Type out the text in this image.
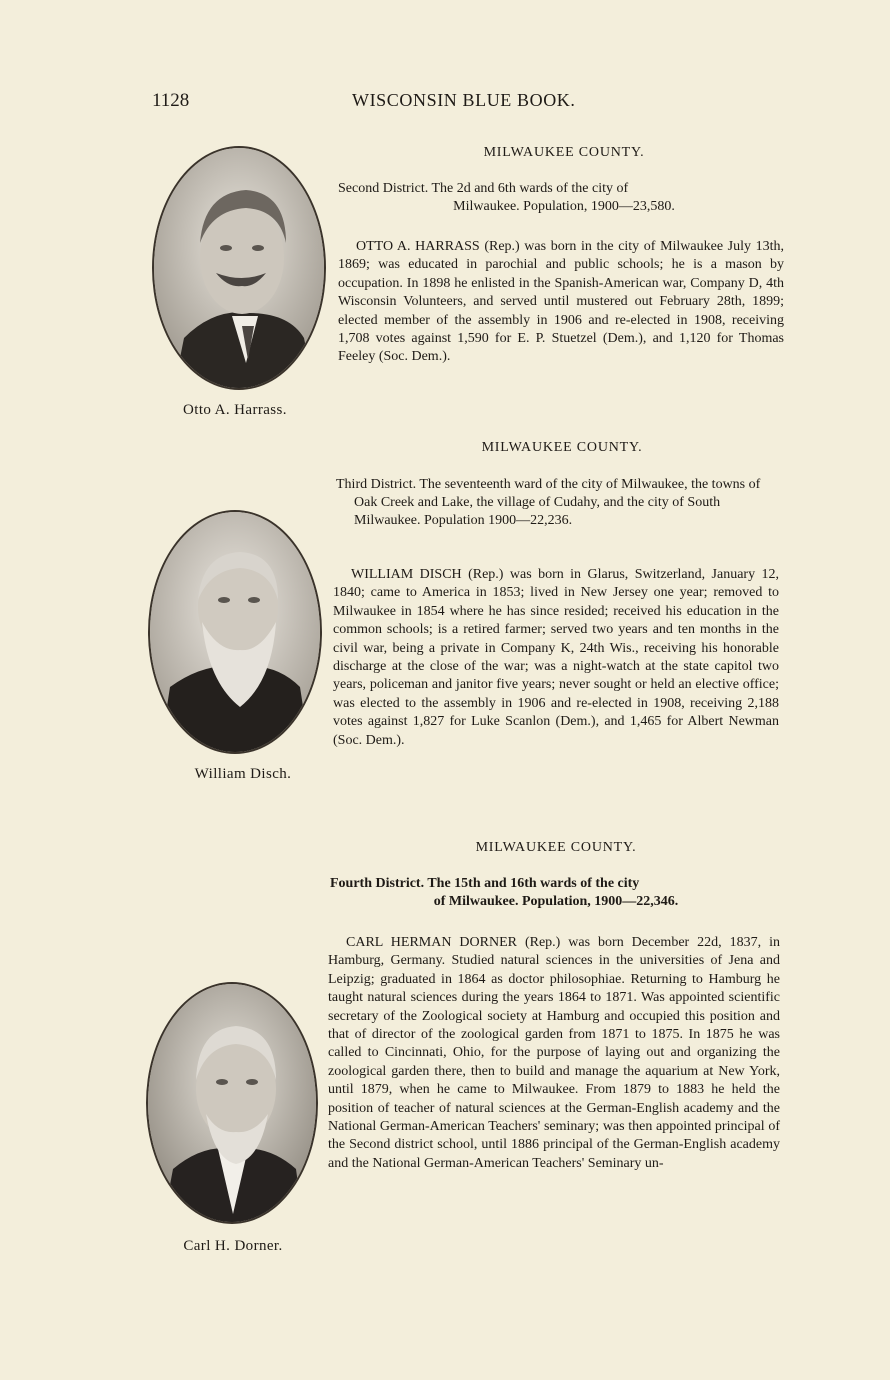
1128	WISCONSIN BLUE BOOK.
Otto A. Harrass.
MILWAUKEE COUNTY.
Second District. The 2d and 6th wards of the city of
Milwaukee. Population, 1900—23,580.
OTTO A. HARRASS (Rep.) was born in the city of Milwaukee July 13th, 1869; was educated in parochial and public schools; he is a mason by occupation. In 1898 he enlisted in the Spanish-American war, Company D, 4th Wisconsin Volunteers, and served until mustered out February 28th, 1899; elected member of the assembly in 1906 and re-elected in 1908, receiving 1,708 votes against 1,590 for E. P. Stuetzel (Dem.), and 1,120 for Thomas Feeley (Soc. Dem.).
William Disch.
MILWAUKEE COUNTY.
Third District. The seventeenth ward of the city of Milwaukee, the towns of Oak Creek and Lake, the village of Cudahy, and the city of South Milwaukee. Population 1900—22,236.
WILLIAM DISCH (Rep.) was born in Glarus, Switzerland, January 12, 1840; came to America in 1853; lived in New Jersey one year; removed to Milwaukee in 1854 where he has since resided; received his education in the common schools; is a retired farmer; served two years and ten months in the civil war, being a private in Company K, 24th Wis., receiving his honorable discharge at the close of the war; was a night-watch at the state capitol two years, policeman and janitor five years; never sought or held an elective office; was elected to the assembly in 1906 and re-elected in 1908, receiving 2,188 votes against 1,827 for Luke Scanlon (Dem.), and 1,465 for Albert Newman (Soc. Dem.).
Carl H. Dorner.
MILWAUKEE COUNTY.
Fourth District. The 15th and 16th wards of the city
of Milwaukee. Population, 1900—22,346.
CARL HERMAN DORNER (Rep.) was born December 22d, 1837, in Hamburg, Germany. Studied natural sciences in the universities of Jena and Leipzig; graduated in 1864 as doctor philosophiae. Returning to Hamburg he taught natural sciences during the years 1864 to 1871. Was appointed scientific secretary of the Zoological society at Hamburg and occupied this position and that of director of the zoological garden from 1871 to 1875. In 1875 he was called to Cincinnati, Ohio, for the purpose of laying out and organizing the zoological garden there, then to build and manage the aquarium at New York, until 1879, when he came to Milwaukee. From 1879 to 1883 he held the position of teacher of natural sciences at the German-English academy and the National German-American Teachers' seminary; was then appointed principal of the Second district school, until 1886 principal of the German-English academy and the National German-American Teachers' Seminary un-
